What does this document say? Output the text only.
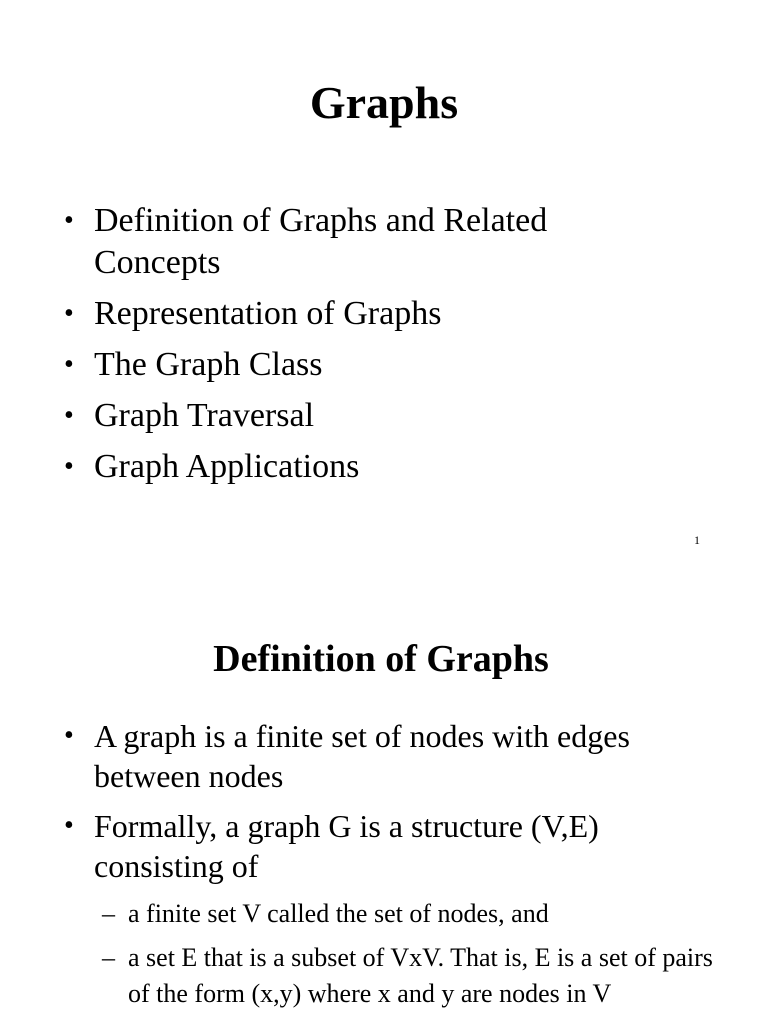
Graphs
• Definition of Graphs and Related Concepts
• Representation of Graphs
• The Graph Class
• Graph Traversal
• Graph Applications
1
Definition of Graphs
• A graph is a finite set of nodes with edges between nodes
• Formally, a graph G is a structure (V,E) consisting of
– a finite set V called the set of nodes, and
– a set E that is a subset of VxV. That is, E is a set of pairs of the form (x,y) where x and y are nodes in V
